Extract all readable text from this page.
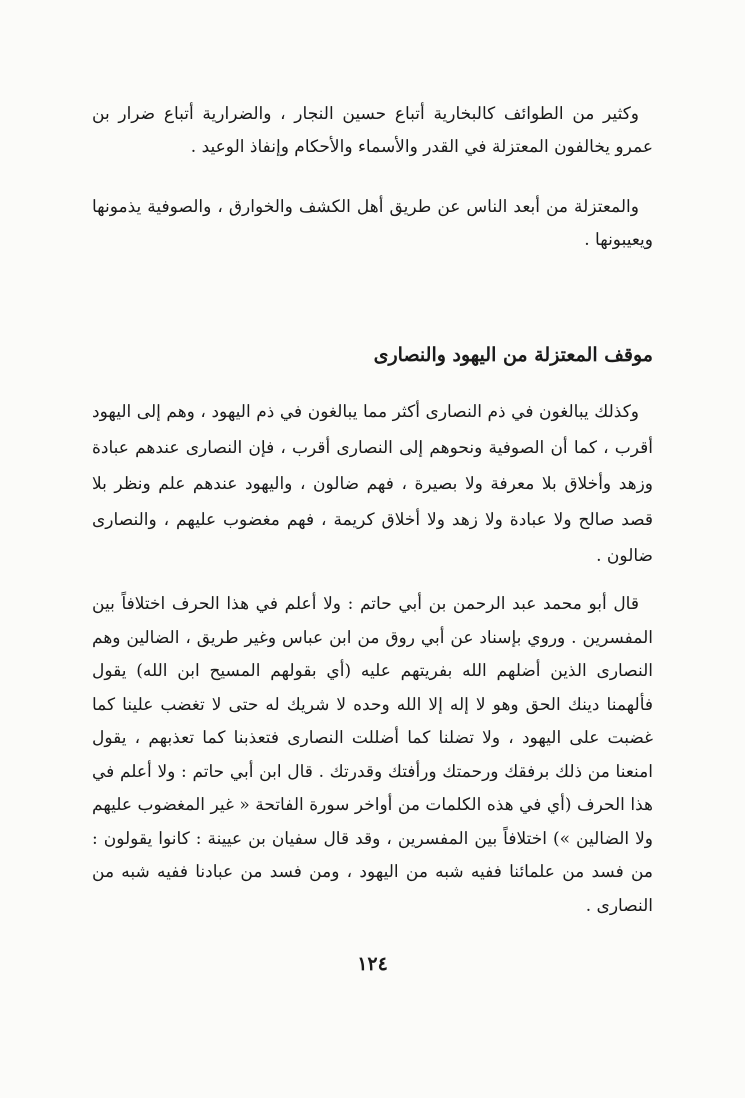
وكثير من الطوائف كالبخارية أتباع حسين النجار ، والضرارية أتباع ضرار بن عمرو يخالفون المعتزلة في القدر والأسماء والأحكام وإنفاذ الوعيد .

والمعتزلة من أبعد الناس عن طريق أهل الكشف والخوارق ، والصوفية يذمونها ويعيبونها .

موقف المعتزلة من اليهود والنصارى

وكذلك يبالغون في ذم النصارى أكثر مما يبالغون في ذم اليهود ، وهم إلى اليهود أقرب ، كما أن الصوفية ونحوهم إلى النصارى أقرب ، فإن النصارى عندهم عبادة وزهد وأخلاق بلا معرفة ولا بصيرة ، فهم ضالون ، واليهود عندهم علم ونظر بلا قصد صالح ولا عبادة ولا زهد ولا أخلاق كريمة ، فهم مغضوب عليهم ، والنصارى ضالون .

قال أبو محمد عبد الرحمن بن أبي حاتم : ولا أعلم في هذا الحرف اختلافاً بين المفسرين . وروي بإسناد عن أبي روق من ابن عباس وغير طريق ، الضالين وهم النصارى الذين أضلهم الله بفريتهم عليه (أي بقولهم المسيح ابن الله) يقول فألهمنا دينك الحق وهو لا إله إلا الله وحده لا شريك له حتى لا تغضب علينا كما غضبت على اليهود ، ولا تضلنا كما أضللت النصارى فتعذبنا كما تعذبهم ، يقول امنعنا من ذلك برفقك ورحمتك ورأفتك وقدرتك . قال ابن أبي حاتم : ولا أعلم في هذا الحرف (أي في هذه الكلمات من أواخر سورة الفاتحة « غير المغضوب عليهم ولا الضالين ») اختلافاً بين المفسرين ، وقد قال سفيان بن عيينة : كانوا يقولون : من فسد من علمائنا ففيه شبه من اليهود ، ومن فسد من عبادنا ففيه شبه من النصارى .

١٢٤
